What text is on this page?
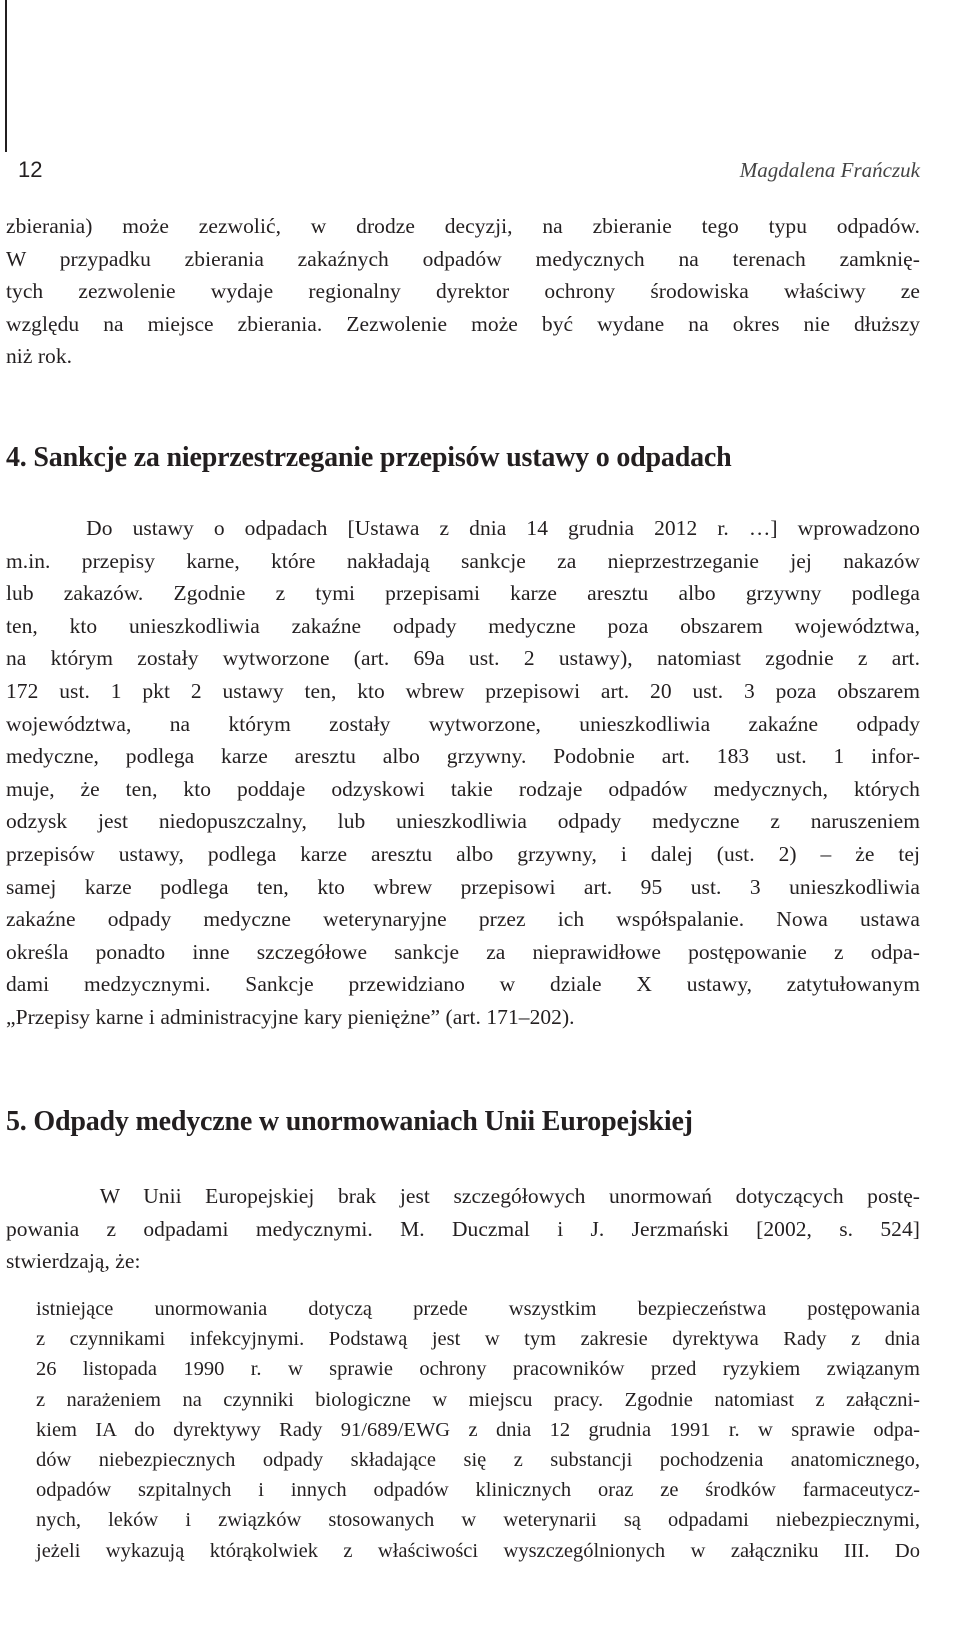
12	Magdalena Frańczuk
zbierania) może zezwolić, w drodze decyzji, na zbieranie tego typu odpadów.
W przypadku zbierania zakaźnych odpadów medycznych na terenach zamknię-
tych zezwolenie wydaje regionalny dyrektor ochrony środowiska właściwy ze
względu na miejsce zbierania. Zezwolenie może być wydane na okres nie dłuższy
niż rok.
4. Sankcje za nieprzestrzeganie przepisów ustawy o odpadach
Do ustawy o odpadach [Ustawa z dnia 14 grudnia 2012 r. …] wprowadzono
m.in. przepisy karne, które nakładają sankcje za nieprzestrzeganie jej nakazów
lub zakazów. Zgodnie z tymi przepisami karze aresztu albo grzywny podlega
ten, kto unieszkodliwia zakaźne odpady medyczne poza obszarem województwa,
na którym zostały wytworzone (art. 69a ust. 2 ustawy), natomiast zgodnie z art.
172 ust. 1 pkt 2 ustawy ten, kto wbrew przepisowi art. 20 ust. 3 poza obszarem
województwa, na którym zostały wytworzone, unieszkodliwia zakaźne odpady
medyczne, podlega karze aresztu albo grzywny. Podobnie art. 183 ust. 1 infor-
muje, że ten, kto poddaje odzyskowi takie rodzaje odpadów medycznych, których
odzysk jest niedopuszczalny, lub unieszkodliwia odpady medyczne z naruszeniem
przepisów ustawy, podlega karze aresztu albo grzywny, i dalej (ust. 2) – że tej
samej karze podlega ten, kto wbrew przepisowi art. 95 ust. 3 unieszkodliwia
zakaźne odpady medyczne weterynaryjne przez ich współspalanie. Nowa ustawa
określa ponadto inne szczegółowe sankcje za nieprawidłowe postępowanie z odpa-
dami medzycznymi. Sankcje przewidziano w dziale X ustawy, zatytułowanym
„Przepisy karne i administracyjne kary pieniężne” (art. 171–202).
5. Odpady medyczne w unormowaniach Unii Europejskiej
W Unii Europejskiej brak jest szczegółowych unormowań dotyczących postę-
powania z odpadami medycznymi. M. Duczmal i J. Jerzmański [2002, s. 524]
stwierdzają, że:
istniejące unormowania dotyczą przede wszystkim bezpieczeństwa postępowania
z czynnikami infekcyjnymi. Podstawą jest w tym zakresie dyrektywa Rady z dnia
26 listopada 1990 r. w sprawie ochrony pracowników przed ryzykiem związanym
z narażeniem na czynniki biologiczne w miejscu pracy. Zgodnie natomiast z załączni-
kiem IA do dyrektywy Rady 91/689/EWG z dnia 12 grudnia 1991 r. w sprawie odpa-
dów niebezpiecznych odpady składające się z substancji pochodzenia anatomicznego,
odpadów szpitalnych i innych odpadów klinicznych oraz ze środków farmaceutycz-
nych, leków i związków stosowanych w weterynarii są odpadami niebezpiecznymi,
jeżeli wykazują którąkolwiek z właściwości wyszczególnionych w załączniku III. Do
